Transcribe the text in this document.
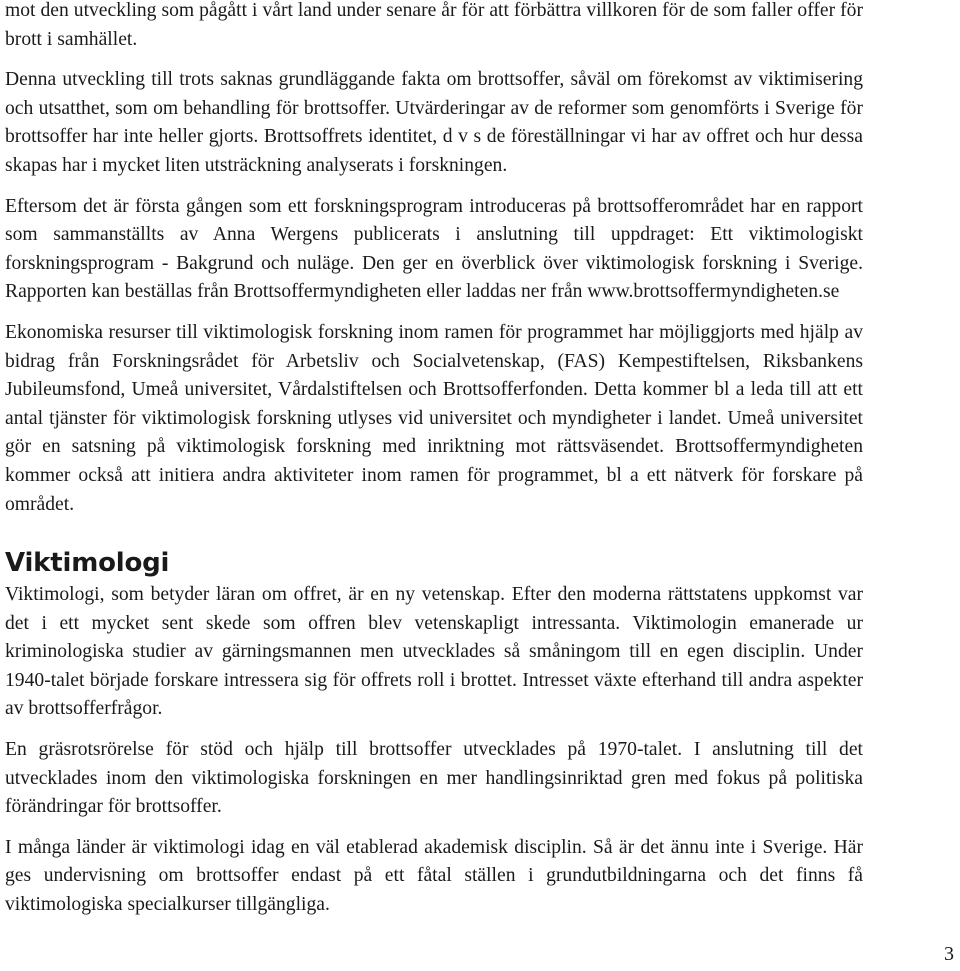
mot den utveckling som pågått i vårt land under senare år för att förbättra villkoren för de som faller offer för brott i samhället.

Denna utveckling till trots saknas grundläggande fakta om brottsoffer, såväl om förekomst av viktimisering och utsatthet, som om behandling för brottsoffer. Utvärderingar av de reformer som genomförts i Sverige för brottsoffer har inte heller gjorts. Brottsoffrets identitet, d v s de föreställningar vi har av offret och hur dessa skapas har i mycket liten utsträckning analyserats i forskningen.

Eftersom det är första gången som ett forskningsprogram introduceras på brottsofferområdet har en rapport som sammanställts av Anna Wergens publicerats i anslutning till uppdraget: Ett viktimologiskt forskningsprogram - Bakgrund och nuläge. Den ger en överblick över viktimologisk forskning i Sverige. Rapporten kan beställas från Brottsoffermyndigheten eller laddas ner från www.brottsoffermyndigheten.se

Ekonomiska resurser till viktimologisk forskning inom ramen för programmet har möjliggjorts med hjälp av bidrag från Forskningsrådet för Arbetsliv och Socialvetenskap, (FAS) Kempestiftelsen, Riksbankens Jubileumsfond, Umeå universitet, Vårdalstiftelsen och Brottsofferfonden. Detta kommer bl a leda till att ett antal tjänster för viktimologisk forskning utlyses vid universitet och myndigheter i landet. Umeå universitet gör en satsning på viktimologisk forskning med inriktning mot rättsväsendet. Brottsoffermyndigheten kommer också att initiera andra aktiviteter inom ramen för programmet, bl a ett nätverk för forskare på området.

Viktimologi

Viktimologi, som betyder läran om offret, är en ny vetenskap. Efter den moderna rättstatens uppkomst var det i ett mycket sent skede som offren blev vetenskapligt intressanta. Viktimologin emanerade ur kriminologiska studier av gärningsmannen men utvecklades så småningom till en egen disciplin. Under 1940-talet började forskare intressera sig för offrets roll i brottet. Intresset växte efterhand till andra aspekter av brottsofferfrågor.

En gräsrotsrörelse för stöd och hjälp till brottsoffer utvecklades på 1970-talet. I anslutning till det utvecklades inom den viktimologiska forskningen en mer handlingsinriktad gren med fokus på politiska förändringar för brottsoffer.

I många länder är viktimologi idag en väl etablerad akademisk disciplin. Så är det ännu inte i Sverige. Här ges undervisning om brottsoffer endast på ett fåtal ställen i grundutbildningarna och det finns få viktimologiska specialkurser tillgängliga.

3
